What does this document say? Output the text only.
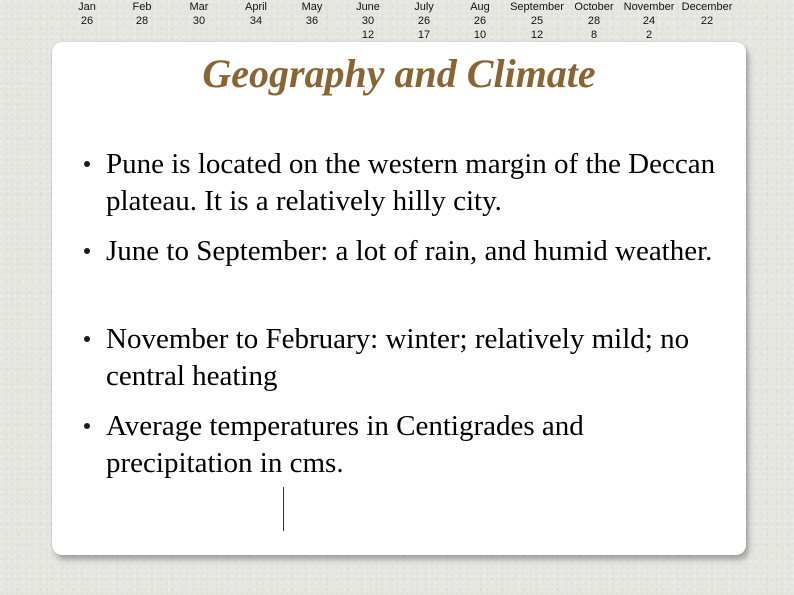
Geography and Climate

Pune is located on the western margin of the Deccan plateau. It is a relatively hilly city.

June to September: a lot of rain, and humid weather.

November to February: winter; relatively mild; no central heating

Average temperatures in Centigrades and precipitation in cms.

Jan
26
Feb
28
Mar
30
April
34
May
36
June
30
12
July
26
17
Aug
26
10
September
25
12
October
28
8
November
24
2
December
22
